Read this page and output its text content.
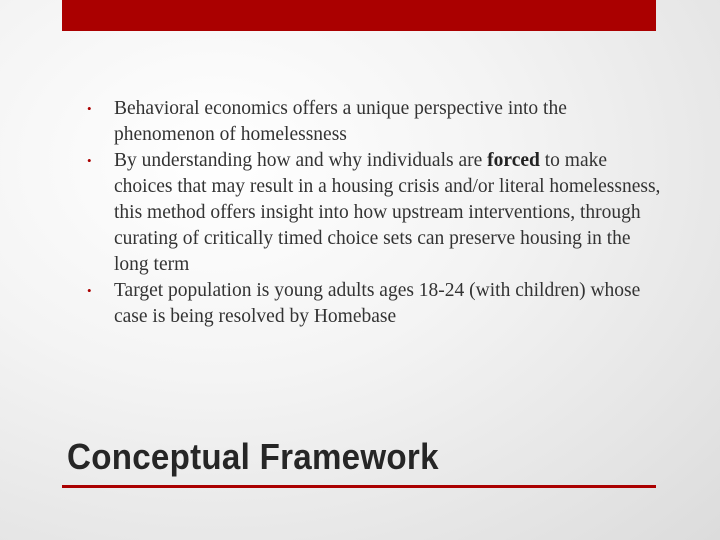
•	Behavioral economics offers a unique perspective into the phenomenon of homelessness
•	By understanding how and why individuals are forced to make choices that may result in a housing crisis and/or literal homelessness, this method offers insight into how upstream interventions, through curating of critically timed choice sets can preserve housing in the long term
•	Target population is young adults ages 18-24 (with children) whose case is being resolved by Homebase
Conceptual Framework
